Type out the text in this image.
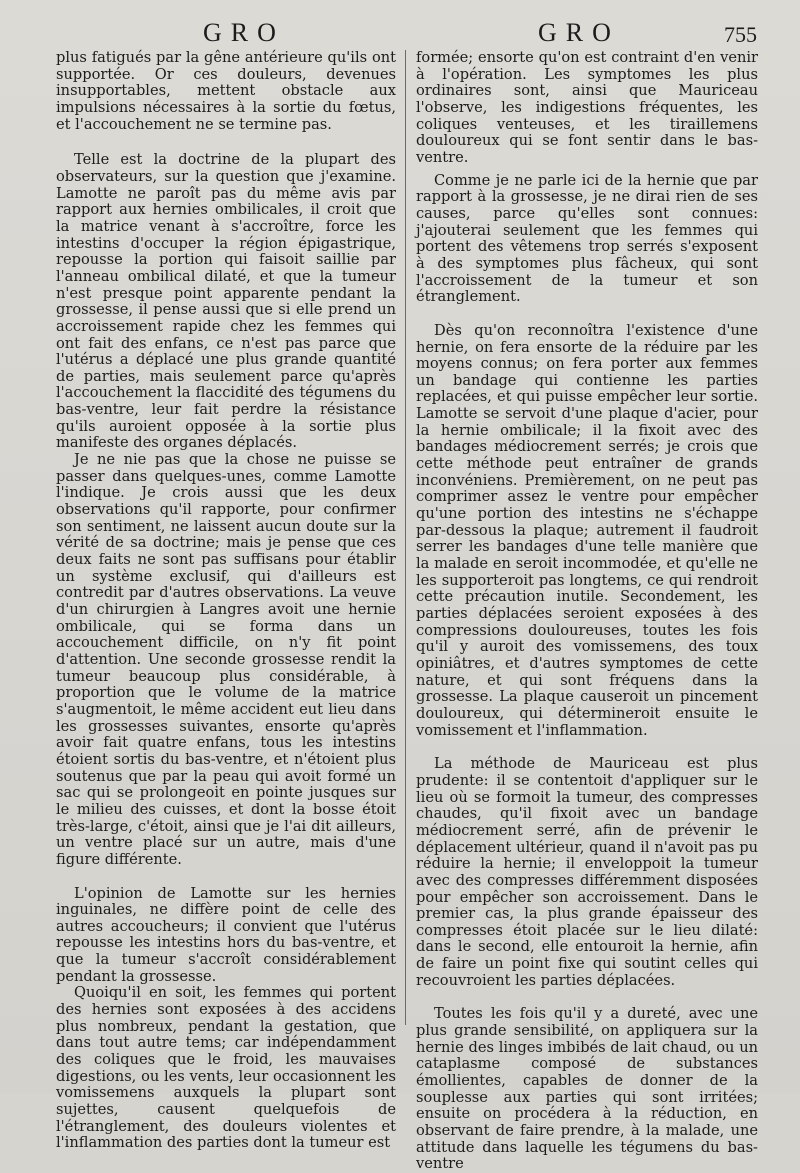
GRO	GRO	755

plus fatigués par la gêne antérieure qu'ils ont supportée. Or ces douleurs, devenues insupportables, mettent obstacle aux impulsions nécessaires à la sortie du fœtus, et l'accouchement ne se termine pas.

Telle est la doctrine de la plupart des observateurs, sur la question que j'examine. Lamotte ne paroît pas du même avis par rapport aux hernies ombilicales, il croit que la matrice venant à s'accroître, force les intestins d'occuper la région épigastrique, repousse la portion qui faisoit saillie par l'anneau ombilical dilaté, et que la tumeur n'est presque point apparente pendant la grossesse, il pense aussi que si elle prend un accroissement rapide chez les femmes qui ont fait des enfans, ce n'est pas parce que l'utérus a déplacé une plus grande quantité de parties, mais seulement parce qu'après l'accouchement la flaccidité des tégumens du bas-ventre, leur fait perdre la résistance qu'ils auroient opposée à la sortie plus manifeste des organes déplacés.

Je ne nie pas que la chose ne puisse se passer dans quelques-unes, comme Lamotte l'indique. Je crois aussi que les deux observations qu'il rapporte, pour confirmer son sentiment, ne laissent aucun doute sur la vérité de sa doctrine; mais je pense que ces deux faits ne sont pas suffisans pour établir un système exclusif, qui d'ailleurs est contredit par d'autres observations. La veuve d'un chirurgien à Langres avoit une hernie ombilicale, qui se forma dans un accouchement difficile, on n'y fit point d'attention. Une seconde grossesse rendit la tumeur beaucoup plus considérable, à proportion que le volume de la matrice s'augmentoit, le même accident eut lieu dans les grossesses suivantes, ensorte qu'après avoir fait quatre enfans, tous les intestins étoient sortis du bas-ventre, et n'étoient plus soutenus que par la peau qui avoit formé un sac qui se prolongeoit en pointe jusques sur le milieu des cuisses, et dont la bosse étoit très-large, c'étoit, ainsi que je l'ai dit ailleurs, un ventre placé sur un autre, mais d'une figure différente.

L'opinion de Lamotte sur les hernies inguinales, ne diffère point de celle des autres accoucheurs; il convient que l'utérus repousse les intestins hors du bas-ventre, et que la tumeur s'accroît considérablement pendant la grossesse.

Quoiqu'il en soit, les femmes qui portent des hernies sont exposées à des accidens plus nombreux, pendant la gestation, que dans tout autre tems; car indépendamment des coliques que le froid, les mauvaises digestions, ou les vents, leur occasionnent les vomissemens auxquels la plupart sont sujettes, causent quelquefois de l'étranglement, des douleurs violentes et l'inflammation des parties dont la tumeur est

formée; ensorte qu'on est contraint d'en venir à l'opération. Les symptomes les plus ordinaires sont, ainsi que Mauriceau l'observe, les indigestions fréquentes, les coliques venteuses, et les tiraillemens douloureux qui se font sentir dans le bas-ventre.

Comme je ne parle ici de la hernie que par rapport à la grossesse, je ne dirai rien de ses causes, parce qu'elles sont connues: j'ajouterai seulement que les femmes qui portent des vêtemens trop serrés s'exposent à des symptomes plus fâcheux, qui sont l'accroissement de la tumeur et son étranglement.

Dès qu'on reconnoîtra l'existence d'une hernie, on fera ensorte de la réduire par les moyens connus; on fera porter aux femmes un bandage qui contienne les parties replacées, et qui puisse empêcher leur sortie. Lamotte se servoit d'une plaque d'acier, pour la hernie ombilicale; il la fixoit avec des bandages médiocrement serrés; je crois que cette méthode peut entraîner de grands inconvéniens. Premièrement, on ne peut pas comprimer assez le ventre pour empêcher qu'une portion des intestins ne s'échappe par-dessous la plaque; autrement il faudroit serrer les bandages d'une telle manière que la malade en seroit incommodée, et qu'elle ne les supporteroit pas longtems, ce qui rendroit cette précaution inutile. Secondement, les parties déplacées seroient exposées à des compressions douloureuses, toutes les fois qu'il y auroit des vomissemens, des toux opiniâtres, et d'autres symptomes de cette nature, et qui sont fréquens dans la grossesse. La plaque causeroit un pincement douloureux, qui détermineroit ensuite le vomissement et l'inflammation.

La méthode de Mauriceau est plus prudente: il se contentoit d'appliquer sur le lieu où se formoit la tumeur, des compresses chaudes, qu'il fixoit avec un bandage médiocrement serré, afin de prévenir le déplacement ultérieur, quand il n'avoit pas pu réduire la hernie; il enveloppoit la tumeur avec des compresses différemment disposées pour empêcher son accroissement. Dans le premier cas, la plus grande épaisseur des compresses étoit placée sur le lieu dilaté: dans le second, elle entouroit la hernie, afin de faire un point fixe qui soutint celles qui recouvroient les parties déplacées.

Toutes les fois qu'il y a dureté, avec une plus grande sensibilité, on appliquera sur la hernie des linges imbibés de lait chaud, ou un cataplasme composé de substances émollientes, capables de donner de la souplesse aux parties qui sont irritées; ensuite on procédera à la réduction, en observant de faire prendre, à la malade, une attitude dans laquelle les tégumens du bas-ventre
